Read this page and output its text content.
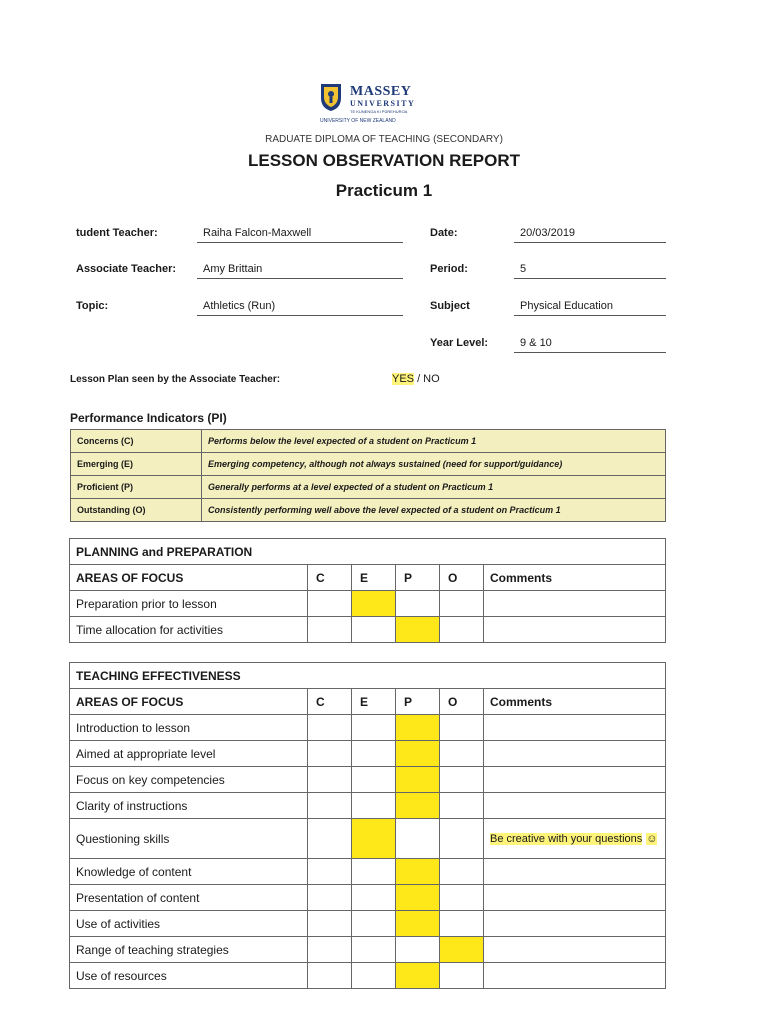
MASSEY
UNIVERSITY
TE KUNENGA KI PŪREHUROA
UNIVERSITY OF NEW ZEALAND
RADUATE DIPLOMA OF TEACHING (SECONDARY)
LESSON OBSERVATION REPORT
Practicum 1
tudent Teacher:	Raiha Falcon-Maxwell	Date:	20/03/2019
Associate Teacher:	Amy Brittain	Period:	5
Topic:	Athletics (Run)	Subject	Physical Education
Year Level:	9 & 10
Lesson Plan seen by the Associate Teacher:	YES / NO
Performance Indicators (PI)
Concerns (C)	Performs below the level expected of a student on Practicum 1
Emerging (E)	Emerging competency, although not always sustained (need for support/guidance)
Proficient (P)	Generally performs at a level expected of a student on Practicum 1
Outstanding (O)	Consistently performing well above the level expected of a student on Practicum 1
PLANNING and PREPARATION					
AREAS OF FOCUS	C	E	P	O	Comments
Preparation prior to lesson					
Time allocation for activities					
TEACHING EFFECTIVENESS					
AREAS OF FOCUS	C	E	P	O	Comments
Introduction to lesson					
Aimed at appropriate level					
Focus on key competencies					
Clarity of instructions					
Questioning skills					Be creative with your questions ☺
Knowledge of content					
Presentation of content					
Use of activities					
Range of teaching strategies					
Use of resources					
